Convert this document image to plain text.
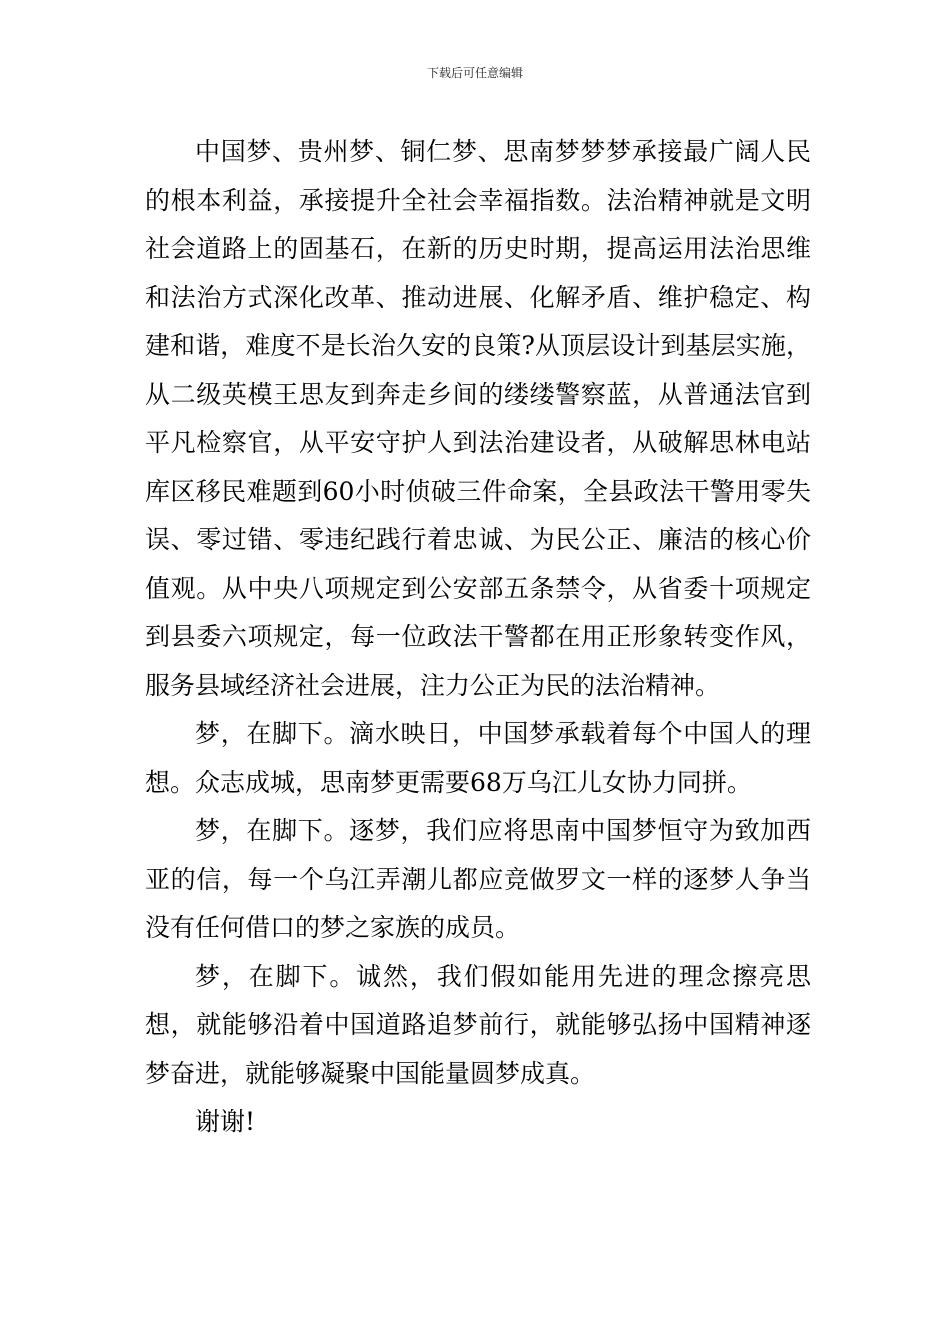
下载后可任意编辑

中国梦、贵州梦、铜仁梦、思南梦梦梦承接最广阔人民的根本利益，承接提升全社会幸福指数。法治精神就是文明社会道路上的固基石，在新的历史时期，提高运用法治思维和法治方式深化改革、推动进展、化解矛盾、维护稳定、构建和谐，难度不是长治久安的良策?从顶层设计到基层实施，从二级英模王思友到奔走乡间的缕缕警察蓝，从普通法官到平凡检察官，从平安守护人到法治建设者，从破解思林电站库区移民难题到60小时侦破三件命案，全县政法干警用零失误、零过错、零违纪践行着忠诚、为民公正、廉洁的核心价值观。从中央八项规定到公安部五条禁令，从省委十项规定到县委六项规定，每一位政法干警都在用正形象转变作风，服务县域经济社会进展，注力公正为民的法治精神。

梦，在脚下。滴水映日，中国梦承载着每个中国人的理想。众志成城，思南梦更需要68万乌江儿女协力同拼。

梦，在脚下。逐梦，我们应将思南中国梦恒守为致加西亚的信，每一个乌江弄潮儿都应竞做罗文一样的逐梦人争当没有任何借口的梦之家族的成员。

梦，在脚下。诚然，我们假如能用先进的理念擦亮思想，就能够沿着中国道路追梦前行，就能够弘扬中国精神逐梦奋进，就能够凝聚中国能量圆梦成真。

谢谢!
